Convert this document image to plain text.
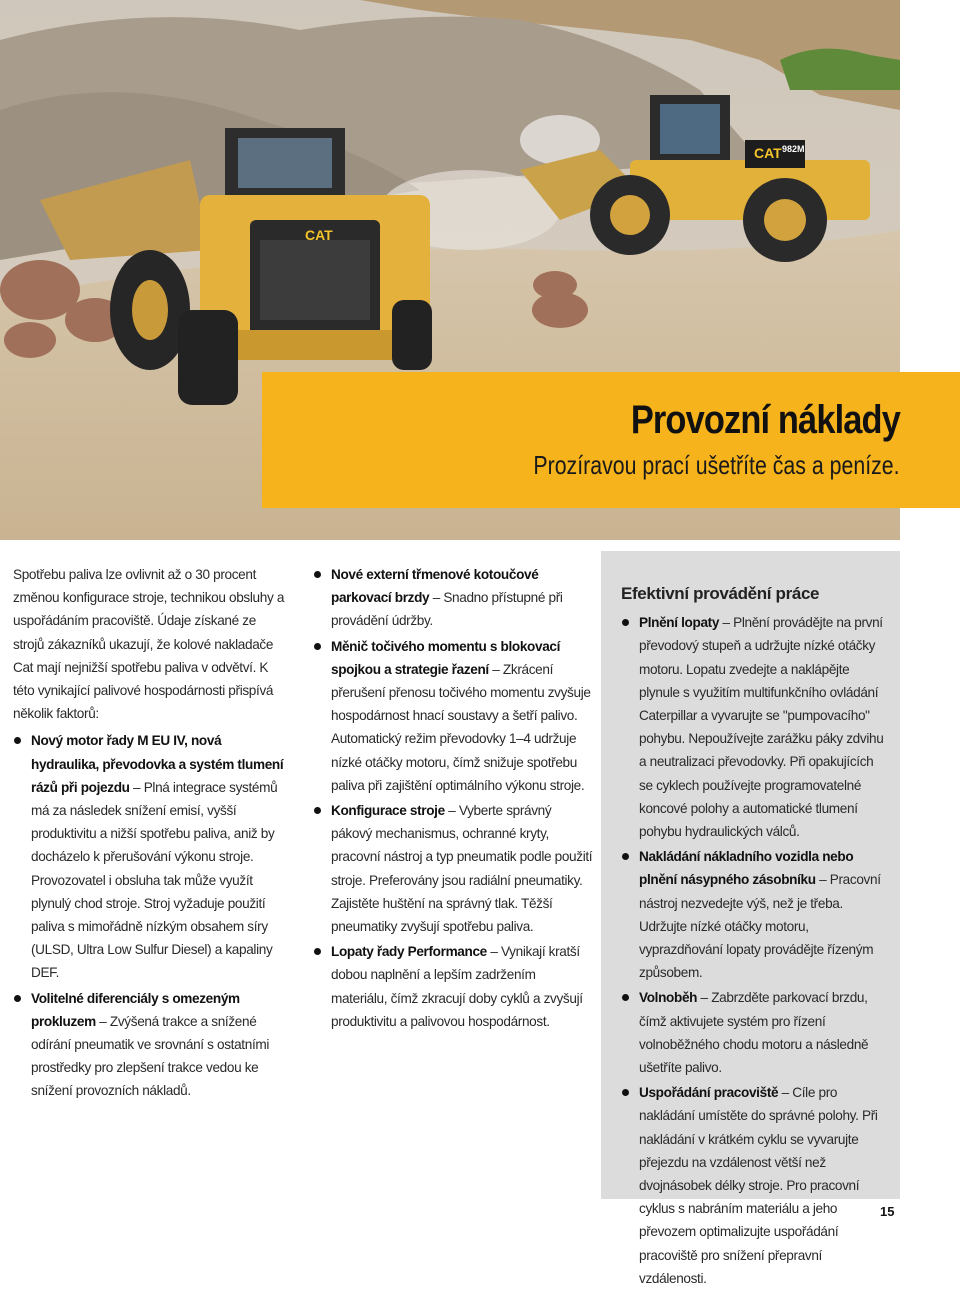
CAT
CAT 982M
Provozní náklady
Prozíravou prací ušetříte čas a peníze.

Spotřebu paliva lze ovlivnit až o 30 procent změnou konfigurace stroje, technikou obsluhy a uspořádáním pracoviště. Údaje získané ze strojů zákazníků ukazují, že kolové nakladače Cat mají nejnižší spotřebu paliva v odvětví. K této vynikající palivové hospodárnosti přispívá několik faktorů:

Nový motor řady M EU IV, nová hydraulika, převodovka a systém tlumení rázů při pojezdu – Plná integrace systémů má za následek snížení emisí, vyšší produktivitu a nižší spotřebu paliva, aniž by docházelo k přerušování výkonu stroje. Provozovatel i obsluha tak může využít plynulý chod stroje. Stroj vyžaduje použití paliva s mimořádně nízkým obsahem síry (ULSD, Ultra Low Sulfur Diesel) a kapaliny DEF.
Volitelné diferenciály s omezeným prokluzem – Zvýšená trakce a snížené odírání pneumatik ve srovnání s ostatními prostředky pro zlepšení trakce vedou ke snížení provozních nákladů.
Nové externí třmenové kotoučové parkovací brzdy – Snadno přístupné při provádění údržby.
Měnič točivého momentu s blokovací spojkou a strategie řazení – Zkrácení přerušení přenosu točivého momentu zvyšuje hospodárnost hnací soustavy a šetří palivo. Automatický režim převodovky 1–4 udržuje nízké otáčky motoru, čímž snižuje spotřebu paliva při zajištění optimálního výkonu stroje.
Konfigurace stroje – Vyberte správný pákový mechanismus, ochranné kryty, pracovní nástroj a typ pneumatik podle použití stroje. Preferovány jsou radiální pneumatiky. Zajistěte huštění na správný tlak. Těžší pneumatiky zvyšují spotřebu paliva.
Lopaty řady Performance – Vynikají kratší dobou naplnění a lepším zadržením materiálu, čímž zkracují doby cyklů a zvyšují produktivitu a palivovou hospodárnost.
Efektivní provádění práce
Plnění lopaty – Plnění provádějte na první převodový stupeň a udržujte nízké otáčky motoru. Lopatu zvedejte a naklápějte plynule s využitím multifunkčního ovládání Caterpillar a vyvarujte se "pumpovacího" pohybu. Nepoužívejte zarážku páky zdvihu a neutralizaci převodovky. Při opakujících se cyklech používejte programovatelné koncové polohy a automatické tlumení pohybu hydraulických válců.
Nakládání nákladního vozidla nebo plnění násypného zásobníku – Pracovní nástroj nezvedejte výš, než je třeba. Udržujte nízké otáčky motoru, vyprazdňování lopaty provádějte řízeným způsobem.
Volnoběh – Zabrzděte parkovací brzdu, čímž aktivujete systém pro řízení volnoběžného chodu motoru a následně ušetříte palivo.
Uspořádání pracoviště – Cíle pro nakládání umístěte do správné polohy. Při nakládání v krátkém cyklu se vyvarujte přejezdu na vzdálenost větší než dvojnásobek délky stroje. Pro pracovní cyklus s nabráním materiálu a jeho převozem optimalizujte uspořádání pracoviště pro snížení přepravní vzdálenosti.
15
